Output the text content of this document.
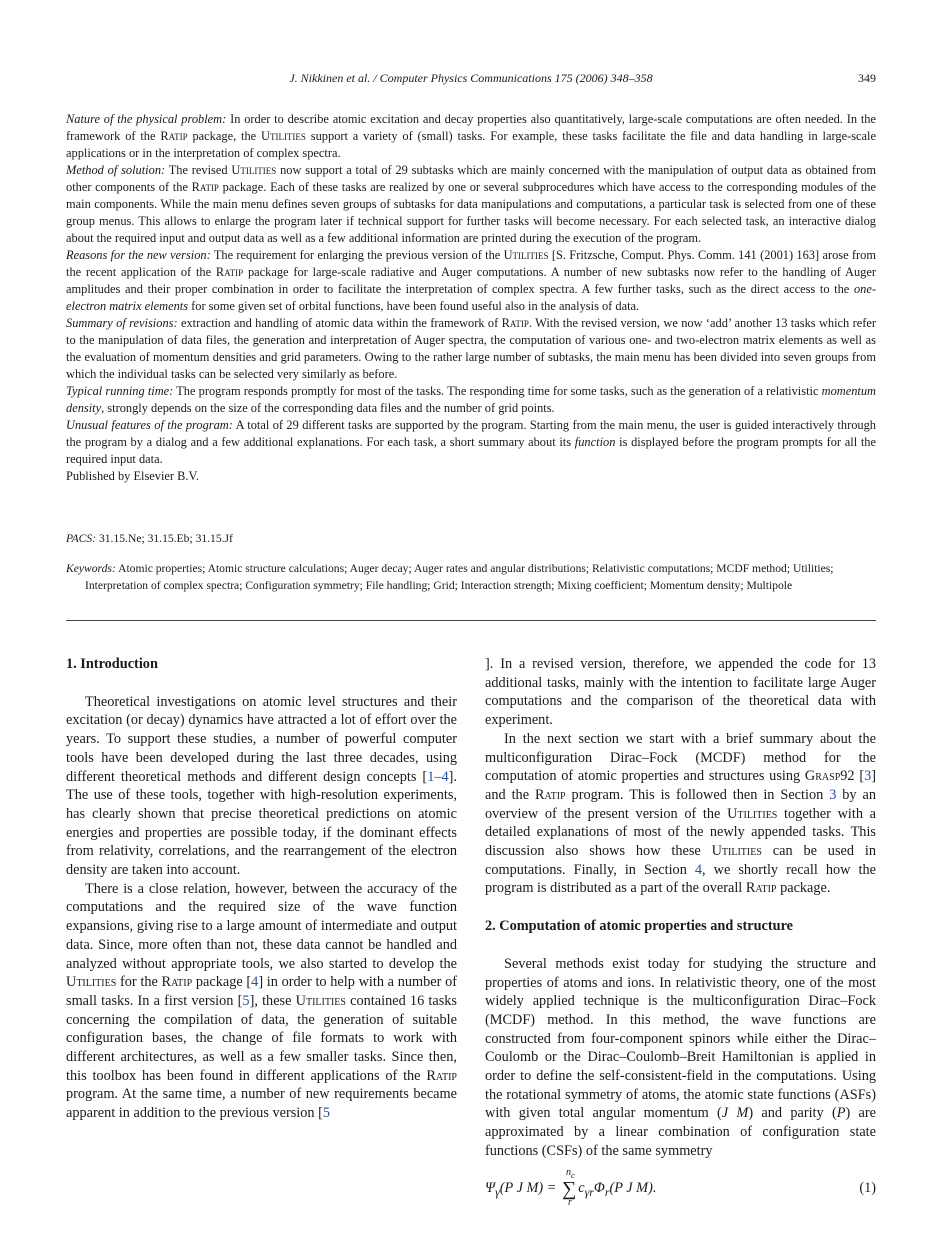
J. Nikkinen et al. / Computer Physics Communications 175 (2006) 348–358	349

Nature of the physical problem: In order to describe atomic excitation and decay properties also quantitatively, large-scale computations are often needed. In the framework of the Ratip package, the Utilities support a variety of (small) tasks. For example, these tasks facilitate the file and data handling in large-scale applications or in the interpretation of complex spectra.

Method of solution: The revised Utilities now support a total of 29 subtasks which are mainly concerned with the manipulation of output data as obtained from other components of the Ratip package. Each of these tasks are realized by one or several subprocedures which have access to the corresponding modules of the main components. While the main menu defines seven groups of subtasks for data manipulations and computations, a particular task is selected from one of these group menus. This allows to enlarge the program later if technical support for further tasks will become necessary. For each selected task, an interactive dialog about the required input and output data as well as a few additional information are printed during the execution of the program.

Reasons for the new version: The requirement for enlarging the previous version of the Utilities [S. Fritzsche, Comput. Phys. Comm. 141 (2001) 163] arose from the recent application of the Ratip package for large-scale radiative and Auger computations. A number of new subtasks now refer to the handling of Auger amplitudes and their proper combination in order to facilitate the interpretation of complex spectra. A few further tasks, such as the direct access to the one-electron matrix elements for some given set of orbital functions, have been found useful also in the analysis of data.

Summary of revisions: extraction and handling of atomic data within the framework of Ratip. With the revised version, we now ‘add’ another 13 tasks which refer to the manipulation of data files, the generation and interpretation of Auger spectra, the computation of various one- and two-electron matrix elements as well as the evaluation of momentum densities and grid parameters. Owing to the rather large number of subtasks, the main menu has been divided into seven groups from which the individual tasks can be selected very similarly as before.

Typical running time: The program responds promptly for most of the tasks. The responding time for some tasks, such as the generation of a relativistic momentum density, strongly depends on the size of the corresponding data files and the number of grid points.

Unusual features of the program: A total of 29 different tasks are supported by the program. Starting from the main menu, the user is guided interactively through the program by a dialog and a few additional explanations. For each task, a short summary about its function is displayed before the program prompts for all the required input data.

Published by Elsevier B.V.

PACS: 31.15.Ne; 31.15.Eb; 31.15.Jf
Keywords: Atomic properties; Atomic structure calculations; Auger decay; Auger rates and angular distributions; Relativistic computations; MCDF method; Utilities; Interpretation of complex spectra; Configuration symmetry; File handling; Grid; Interaction strength; Mixing coefficient; Momentum density; Multipole
1. Introduction

Theoretical investigations on atomic level structures and their excitation (or decay) dynamics have attracted a lot of effort over the years. To support these studies, a number of powerful computer tools have been developed during the last three decades, using different theoretical methods and different design concepts [1–4]. The use of these tools, together with high-resolution experiments, has clearly shown that precise theoretical predictions on atomic energies and properties are possible today, if the dominant effects from relativity, correlations, and the rearrangement of the electron density are taken into account.

There is a close relation, however, between the accuracy of the computations and the required size of the wave function expansions, giving rise to a large amount of intermediate and output data. Since, more often than not, these data cannot be handled and analyzed without appropriate tools, we also started to develop the Utilities for the Ratip package [4] in order to help with a number of small tasks. In a first version [5], these Utilities contained 16 tasks concerning the compilation of data, the generation of suitable configuration bases, the change of file formats to work with different architectures, as well as a few smaller tasks. Since then, this toolbox has been found in different applications of the Ratip program. At the same time, a number of new requirements became apparent in addition to the previous version [5

]. In a revised version, therefore, we appended the code for 13 additional tasks, mainly with the intention to facilitate large Auger computations and the comparison of the theoretical data with experiment.

In the next section we start with a brief summary about the multiconfiguration Dirac–Fock (MCDF) method for the computation of atomic properties and structures using Grasp92 [3] and the Ratip program. This is followed then in Section 3 by an overview of the present version of the Utilities together with a detailed explanations of most of the newly appended tasks. This discussion also shows how these Utilities can be used in computations. Finally, in Section 4, we shortly recall how the program is distributed as a part of the overall Ratip package.

2. Computation of atomic properties and structure

Several methods exist today for studying the structure and properties of atoms and ions. In relativistic theory, one of the most widely applied technique is the multiconfiguration Dirac–Fock (MCDF) method. In this method, the wave functions are constructed from four-component spinors while either the Dirac–Coulomb or the Dirac–Coulomb–Breit Hamiltonian is applied in order to define the self-consistent-field in the computations. Using the rotational symmetry of atoms, the atomic state functions (ASFs) with given total angular momentum (J M) and parity (P) are approximated by a linear combination of configuration state functions (CSFs) of the same symmetry

$\Psi_\gamma(P$ J M) = ∑
$n_c$
r
$c_{\gamma r}\Phi_r(P$ J M).	(1)
